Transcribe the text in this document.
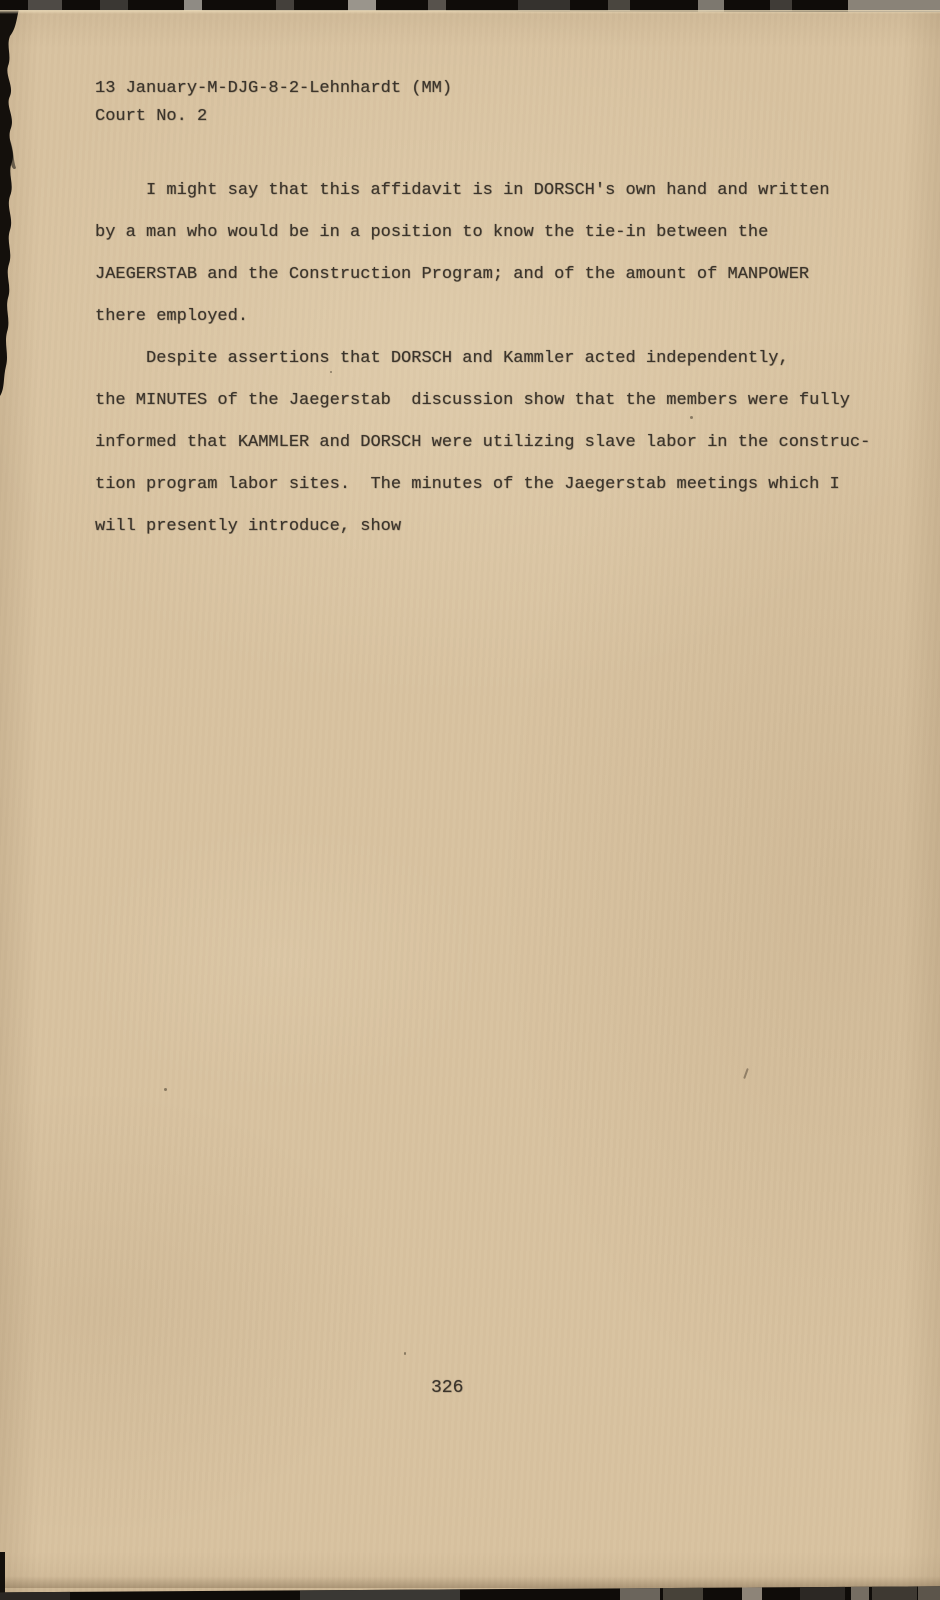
13 January-M-DJG-8-2-Lehnhardt (MM)
Court No. 2
I might say that this affidavit is in DORSCH's own hand and written
by a man who would be in a position to know the tie-in between the
JAEGERSTAB and the Construction Program; and of the amount of MANPOWER
there employed.
Despite assertions that DORSCH and Kammler acted independently,
the MINUTES of the Jaegerstab  discussion show that the members were fully
informed that KAMMLER and DORSCH were utilizing slave labor in the construc-
tion program labor sites.  The minutes of the Jaegerstab meetings which I
will presently introduce, show
326
